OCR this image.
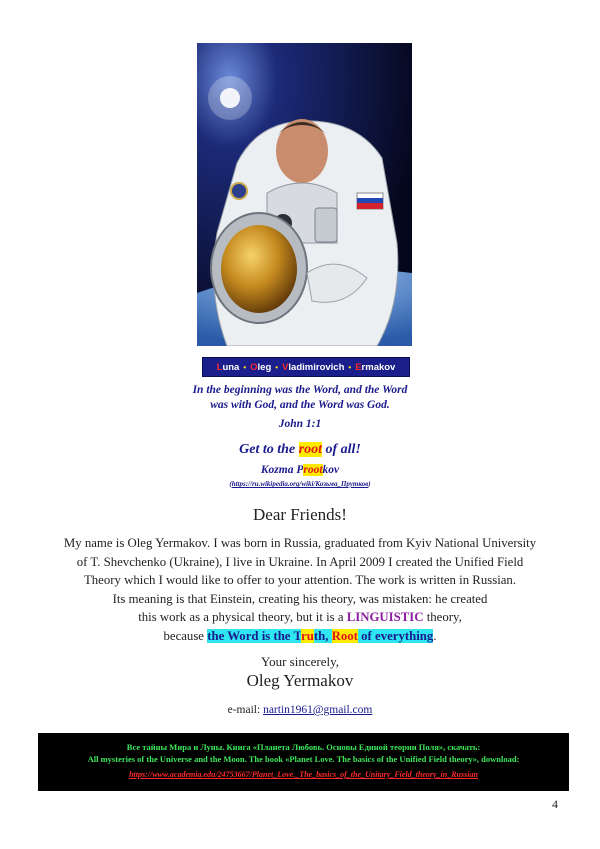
L una • O leg • V ladimirovich • E rmakov
In the beginning was the Word, and the Word
was with God, and the Word was God.
John 1:1
Get to the root of all!
Kozma Prootkov
(https://ru.wikipedia.org/wiki/Козьма_Прутков)
Dear Friends!
My name is Oleg Yermakov. I was born in Russia, graduated from Kyiv National University
of T. Shevchenko (Ukraine), I live in Ukraine. In April 2009 I created the Unified Field
Theory which I would like to offer to your attention. The work is written in Russian.
Its meaning is that Einstein, creating his theory, was mistaken: he created
this work as a physical theory, but it is a LINGUISTIC theory,
because the Word is the Truth, Root of everything.
Your sincerely,
Oleg Yermakov
e-mail: nartin1961@gmail.com
Все тайны Мира и Луны. Книга «Планета Любовь. Основы Единой теории Поля», скачать:
All mysteries of the Universe and the Moon. The book «Planet Love. The basics of the Unified Field theory», download:
https://www.academia.edu/24753667/Planet_Love._The_basics_of_the_Unitary_Field_theory_in_Russian
4
